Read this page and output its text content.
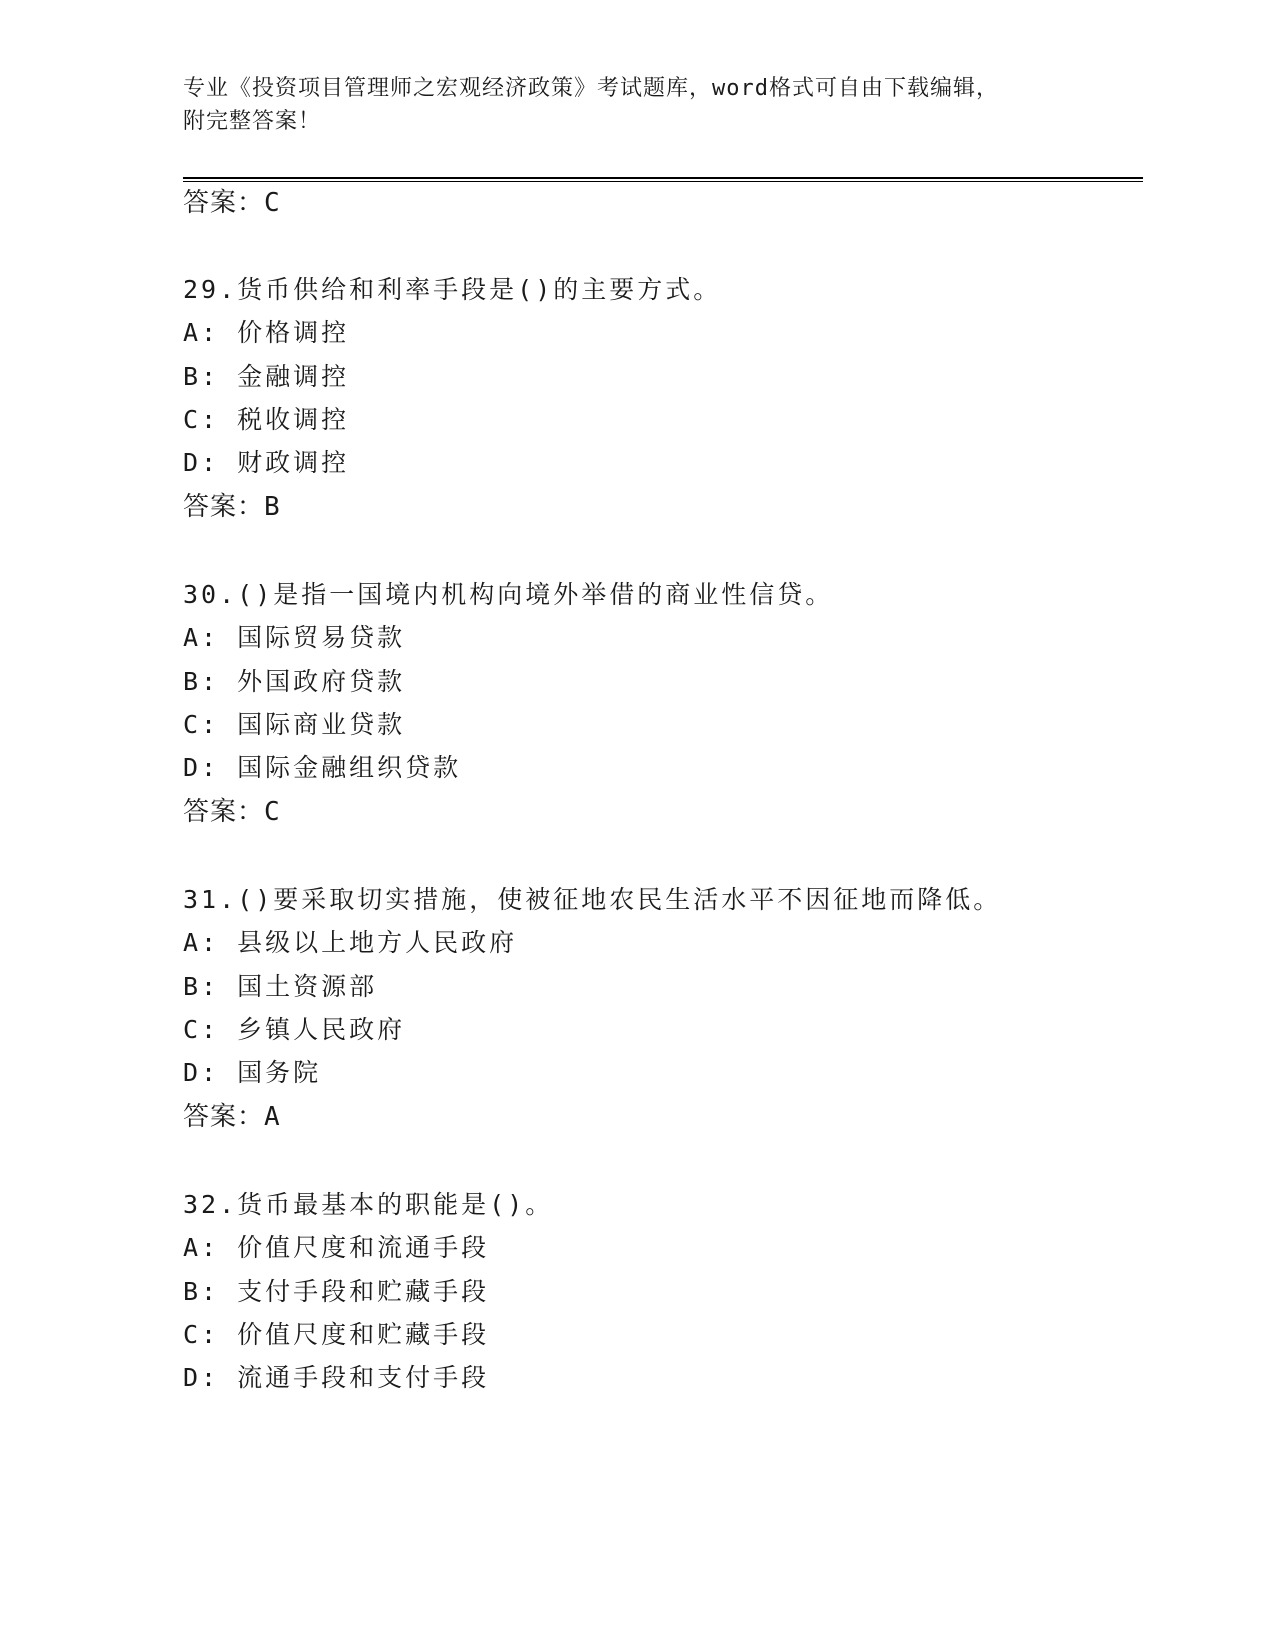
专业《投资项目管理师之宏观经济政策》考试题库，word格式可自由下载编辑，
附完整答案！
答案：C
29.货币供给和利率手段是()的主要方式。
A: 价格调控
B: 金融调控
C: 税收调控
D: 财政调控
答案：B
30.()是指一国境内机构向境外举借的商业性信贷。
A: 国际贸易贷款
B: 外国政府贷款
C: 国际商业贷款
D: 国际金融组织贷款
答案：C
31.()要采取切实措施，使被征地农民生活水平不因征地而降低。
A: 县级以上地方人民政府
B: 国土资源部
C: 乡镇人民政府
D: 国务院
答案：A
32.货币最基本的职能是()。
A: 价值尺度和流通手段
B: 支付手段和贮藏手段
C: 价值尺度和贮藏手段
D: 流通手段和支付手段
